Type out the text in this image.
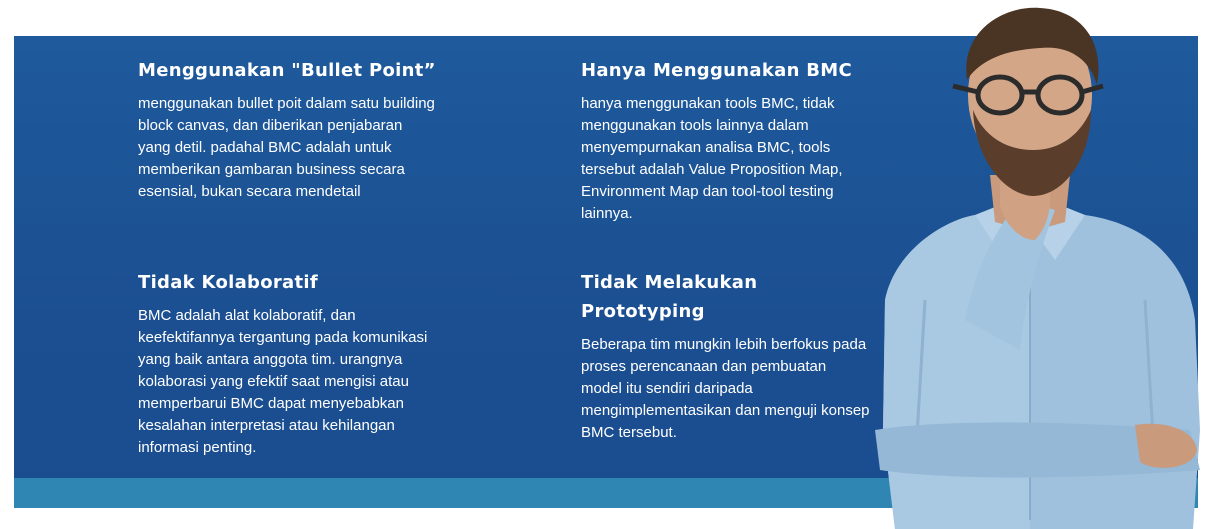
Menggunakan "Bullet Point”

menggunakan bullet poit dalam satu building block canvas, dan diberikan penjabaran yang detil. padahal BMC adalah untuk memberikan gambaran business secara esensial, bukan secara mendetail

Hanya Menggunakan BMC

hanya menggunakan tools BMC, tidak menggunakan tools lainnya dalam menyempurnakan analisa BMC, tools tersebut adalah Value Proposition Map, Environment Map dan tool-tool testing lainnya.

Tidak Kolaboratif

BMC adalah alat kolaboratif, dan keefektifannya tergantung pada komunikasi yang baik antara anggota tim. urangnya kolaborasi yang efektif saat mengisi atau memperbarui BMC dapat menyebabkan kesalahan interpretasi atau kehilangan informasi penting.

Tidak Melakukan Prototyping

Beberapa tim mungkin lebih berfokus pada proses perencanaan dan pembuatan model itu sendiri daripada mengimplementasikan dan menguji konsep BMC tersebut.
